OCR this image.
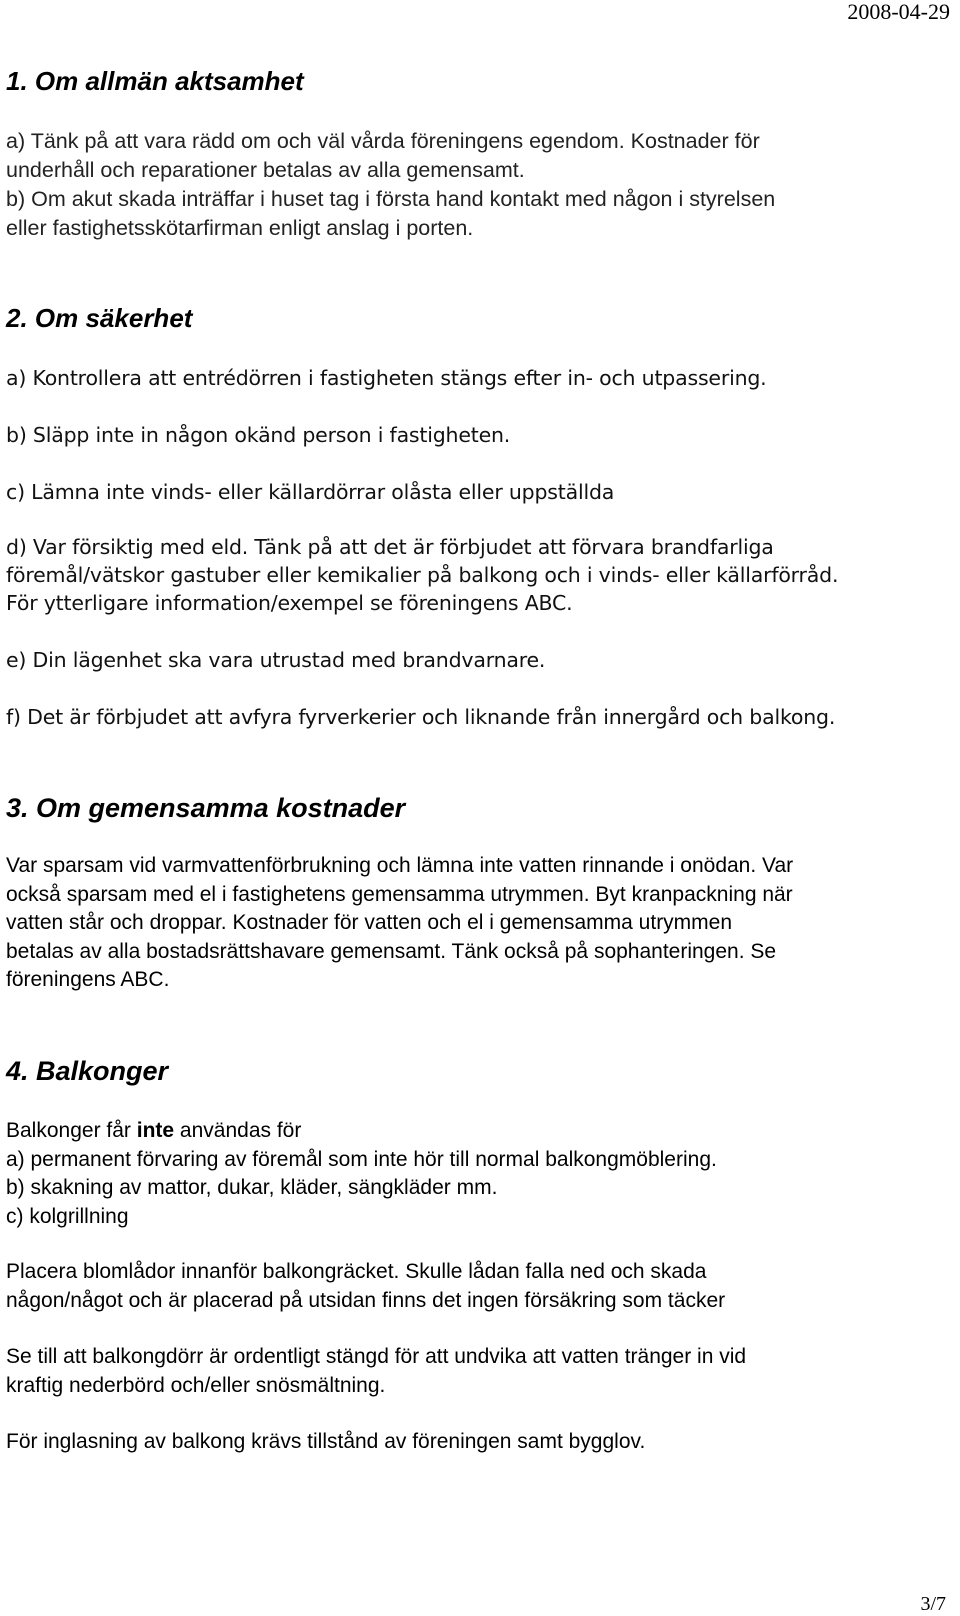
2008-04-29
1. Om allmän aktsamhet
a) Tänk på att vara rädd om och väl vårda föreningens egendom. Kostnader för
underhåll och reparationer betalas av alla gemensamt.
b) Om akut skada inträffar i huset tag i första hand kontakt med någon i styrelsen
eller fastighetsskötarfirman enligt anslag i porten.
2. Om säkerhet
a) Kontrollera att entrédörren i fastigheten stängs efter in- och utpassering.
b) Släpp inte in någon okänd person i fastigheten.
c) Lämna inte vinds- eller källardörrar olåsta eller uppställda
d) Var försiktig med eld. Tänk på att det är förbjudet att förvara brandfarliga
föremål/vätskor gastuber eller kemikalier på balkong och i vinds- eller källarförråd.
För ytterligare information/exempel se föreningens ABC.
e) Din lägenhet ska vara utrustad med brandvarnare.
f) Det är förbjudet att avfyra fyrverkerier och liknande från innergård och balkong.
3. Om gemensamma kostnader
Var sparsam vid varmvattenförbrukning och lämna inte vatten rinnande i onödan. Var
också sparsam med el i fastighetens gemensamma utrymmen. Byt kranpackning när
vatten står och droppar. Kostnader för vatten och el i gemensamma utrymmen
betalas av alla bostadsrättshavare gemensamt. Tänk också på sophanteringen. Se
föreningens ABC.
4. Balkonger
Balkonger får inte användas för
a) permanent förvaring av föremål som inte hör till normal balkongmöblering.
b) skakning av mattor, dukar, kläder, sängkläder mm.
c) kolgrillning
Placera blomlådor innanför balkongräcket. Skulle lådan falla ned och skada
någon/något och är placerad på utsidan finns det ingen försäkring som täcker
Se till att balkongdörr är ordentligt stängd för att undvika att vatten tränger in vid
kraftig nederbörd och/eller snösmältning.
För inglasning av balkong krävs tillstånd av föreningen samt bygglov.
3/7
